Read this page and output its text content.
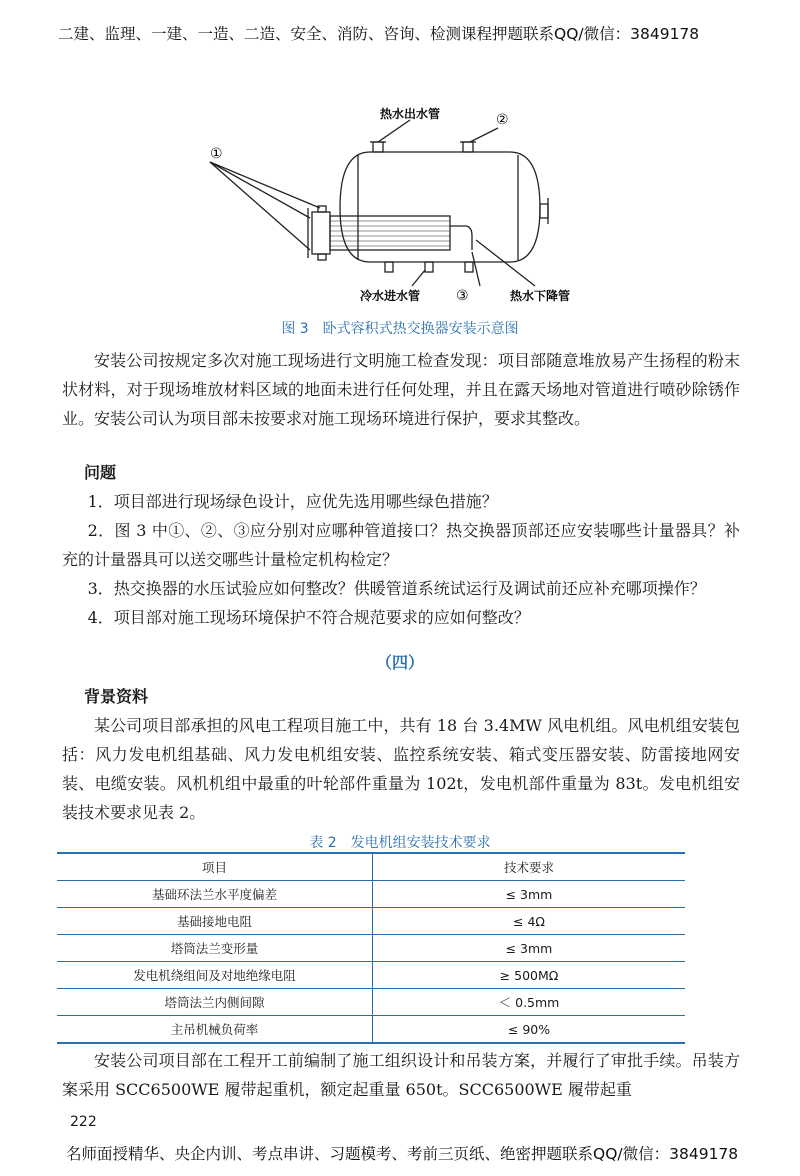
二建、监理、一建、一造、二造、安全、消防、咨询、检测课程押题联系QQ/微信：3849178
①
②
③
热水出水管
冷水进水管	热水下降管
图 3　卧式容积式热交换器安装示意图

安装公司按规定多次对施工现场进行文明施工检查发现：项目部随意堆放易产生扬程的粉末状材料，对于现场堆放材料区域的地面未进行任何处理，并且在露天场地对管道进行喷砂除锈作业。安装公司认为项目部未按要求对施工现场环境进行保护，要求其整改。

问题

1．项目部进行现场绿色设计，应优先选用哪些绿色措施？

2．图 3 中①、②、③应分别对应哪种管道接口？热交换器顶部还应安装哪些计量器具？补充的计量器具可以送交哪些计量检定机构检定？

3．热交换器的水压试验应如何整改？供暖管道系统试运行及调试前还应补充哪项操作？

4．项目部对施工现场环境保护不符合规范要求的应如何整改？

（四）
背景资料

某公司项目部承担的风电工程项目施工中，共有 18 台 3.4MW 风电机组。风电机组安装包括：风力发电机组基础、风力发电机组安装、监控系统安装、箱式变压器安装、防雷接地网安装、电缆安装。风机机组中最重的叶轮部件重量为 102t，发电机部件重量为 83t。发电机组安装技术要求见表 2。

表 2　发电机组安装技术要求
项目	技术要求
基础环法兰水平度偏差	≤ 3mm
基础接地电阻	≤ 4Ω
塔筒法兰变形量	≤ 3mm
发电机绕组间及对地绝缘电阻	≥ 500MΩ
塔筒法兰内侧间隙	＜ 0.5mm
主吊机械负荷率	≤ 90%

安装公司项目部在工程开工前编制了施工组织设计和吊装方案，并履行了审批手续。吊装方案采用 SCC6500WE 履带起重机，额定起重量 650t。SCC6500WE 履带起重

222
名师面授精华、央企内训、考点串讲、习题模考、考前三页纸、绝密押题联系QQ/微信：3849178
